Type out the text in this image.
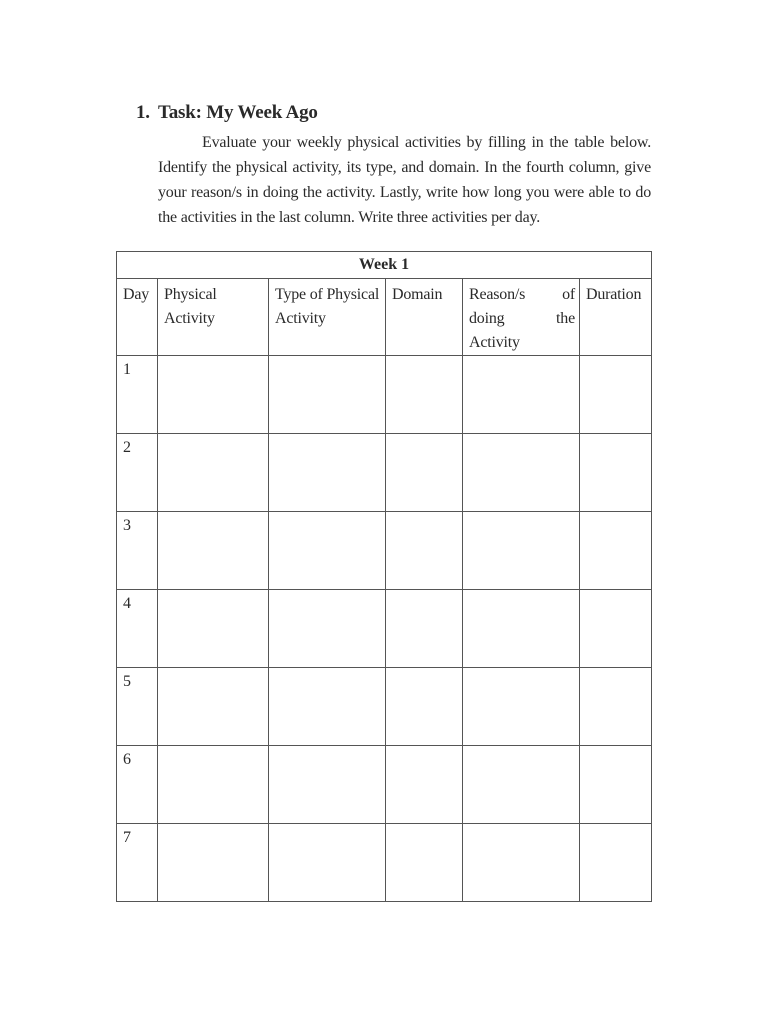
1. Task: My Week Ago

Evaluate your weekly physical activities by filling in the table below. Identify the physical activity, its type, and domain. In the fourth column, give your reason/s in doing the activity. Lastly, write how long you were able to do the activities in the last column. Write three activities per day.

Week 1					
Day	Physical Activity	Type of Physical Activity	Domain	Reason/s of doing the Activity	Duration
1					
2					
3					
4					
5					
6					
7					
